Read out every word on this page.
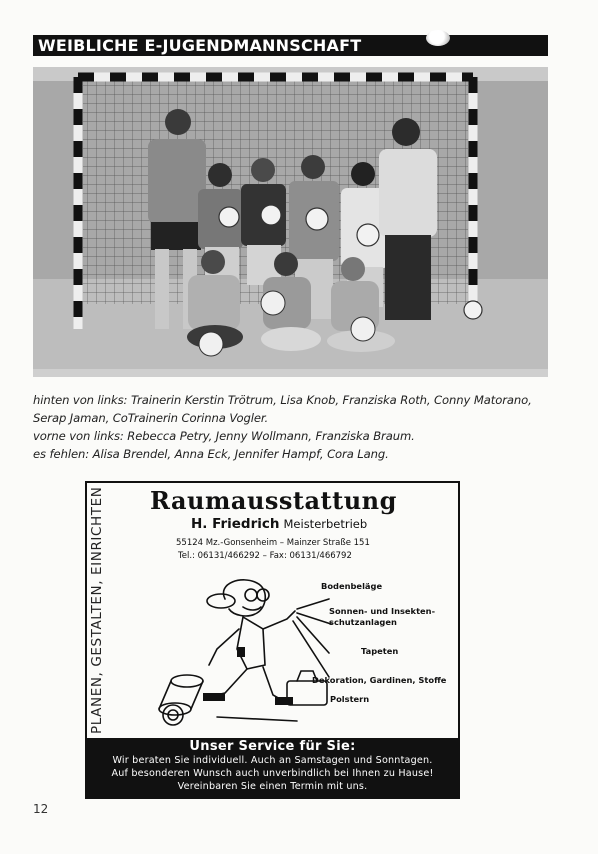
WEIBLICHE E-JUGENDMANNSCHAFT
hinten von links: Trainerin Kerstin Trötrum, Lisa Knob, Franziska Roth, Conny Matorano,
Serap Jaman, CoTrainerin Corinna Vogler.
vorne von links: Rebecca Petry, Jenny Wollmann, Franziska Braum.
es fehlen: Alisa Brendel, Anna Eck, Jennifer Hampf, Cora Lang.
PLANEN, GESTALTEN, EINRICHTEN Raumausstattung
H. Friedrich Meisterbetrieb
55124 Mz.-Gonsenheim – Mainzer Straße 151
Tel.: 06131/466292 – Fax: 06131/466792
Bodenbeläge
Sonnen- und Insekten-
schutzanlagen
Tapeten
Dekoration, Gardinen, Stoffe
Polstern
Unser Service für Sie:
Wir beraten Sie individuell. Auch an Samstagen und Sonntagen.
Auf besonderen Wunsch auch unverbindlich bei Ihnen zu Hause!
Vereinbaren Sie einen Termin mit uns.
12
